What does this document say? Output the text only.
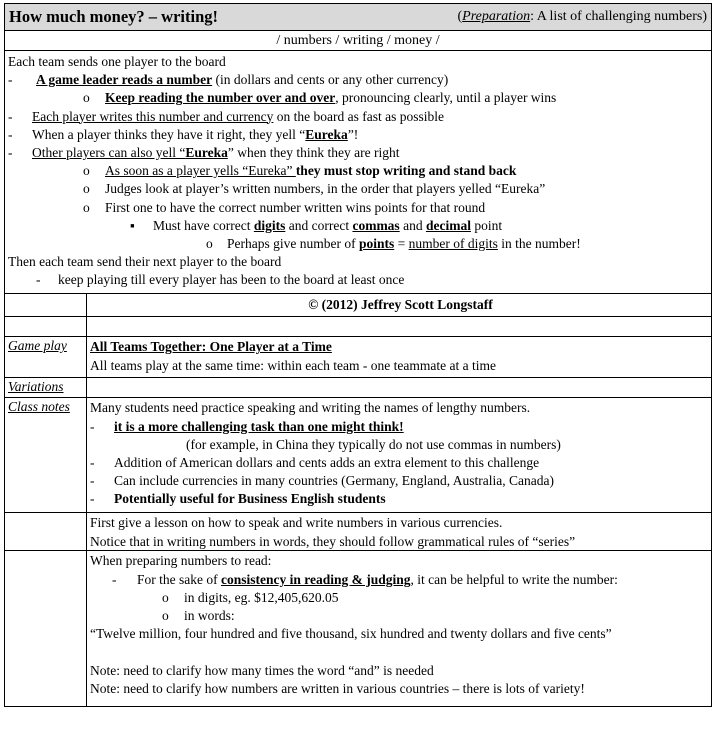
How much money? – writing!	(Preparation: A list of challenging numbers)
/ numbers / writing / money /
Each team sends one player to the board
- A game leader reads a number (in dollars and cents or any other currency)
o Keep reading the number over and over, pronouncing clearly, until a player wins
- Each player writes this number and currency on the board as fast as possible
- When a player thinks they have it right, they yell “Eureka”!
- Other players can also yell “Eureka” when they think they are right
o As soon as a player yells “Eureka” they must stop writing and stand back
o Judges look at player’s written numbers, in the order that players yelled “Eureka”
o First one to have the correct number written wins points for that round
▪ Must have correct digits and correct commas and decimal point
o Perhaps give number of points = number of digits in the number!
Then each team send their next player to the board
- keep playing till every player has been to the board at least once
© (2012) Jeffrey Scott Longstaff
Game play	All Teams Together: One Player at a Time
All teams play at the same time: within each team - one teammate at a time
Variations
Class notes	Many students need practice speaking and writing the names of lengthy numbers.
- it is a more challenging task than one might think!
(for example, in China they typically do not use commas in numbers)
- Addition of American dollars and cents adds an extra element to this challenge
- Can include currencies in many countries (Germany, England, Australia, Canada)
- Potentially useful for Business English students
First give a lesson on how to speak and write numbers in various currencies.
Notice that in writing numbers in words, they should follow grammatical rules of “series”
When preparing numbers to read:
- For the sake of consistency in reading & judging, it can be helpful to write the number:
o in digits, eg. $12,405,620.05
o in words:
“Twelve million, four hundred and five thousand, six hundred and twenty dollars and five cents”
Note: need to clarify how many times the word “and” is needed
Note: need to clarify how numbers are written in various countries – there is lots of variety!
